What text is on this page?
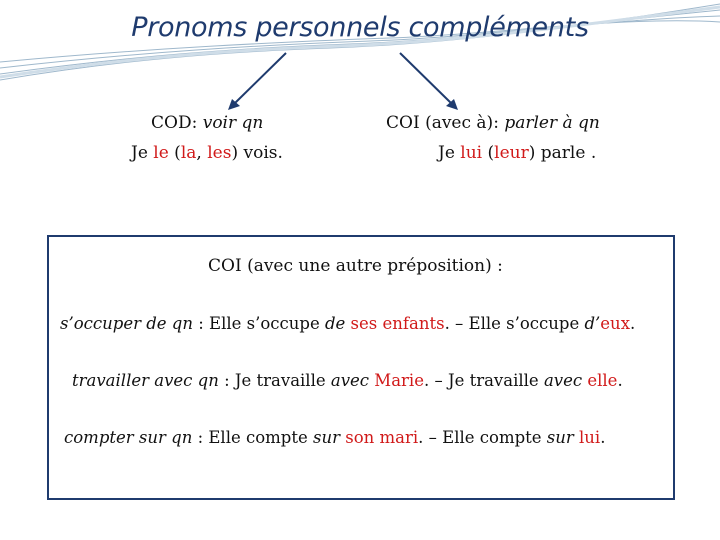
Pronoms personnels compléments
COD: voir qn
Je le (la, les) vois.
COI (avec à): parler à qn
Je lui (leur) parle .
COI (avec une autre préposition) :
s’occuper de qn : Elle s’occupe de ses enfants. – Elle s’occupe d’eux.
travailler avec qn : Je travaille avec Marie. – Je travaille avec elle.
compter sur qn : Elle compte sur son mari. – Elle compte sur lui.
